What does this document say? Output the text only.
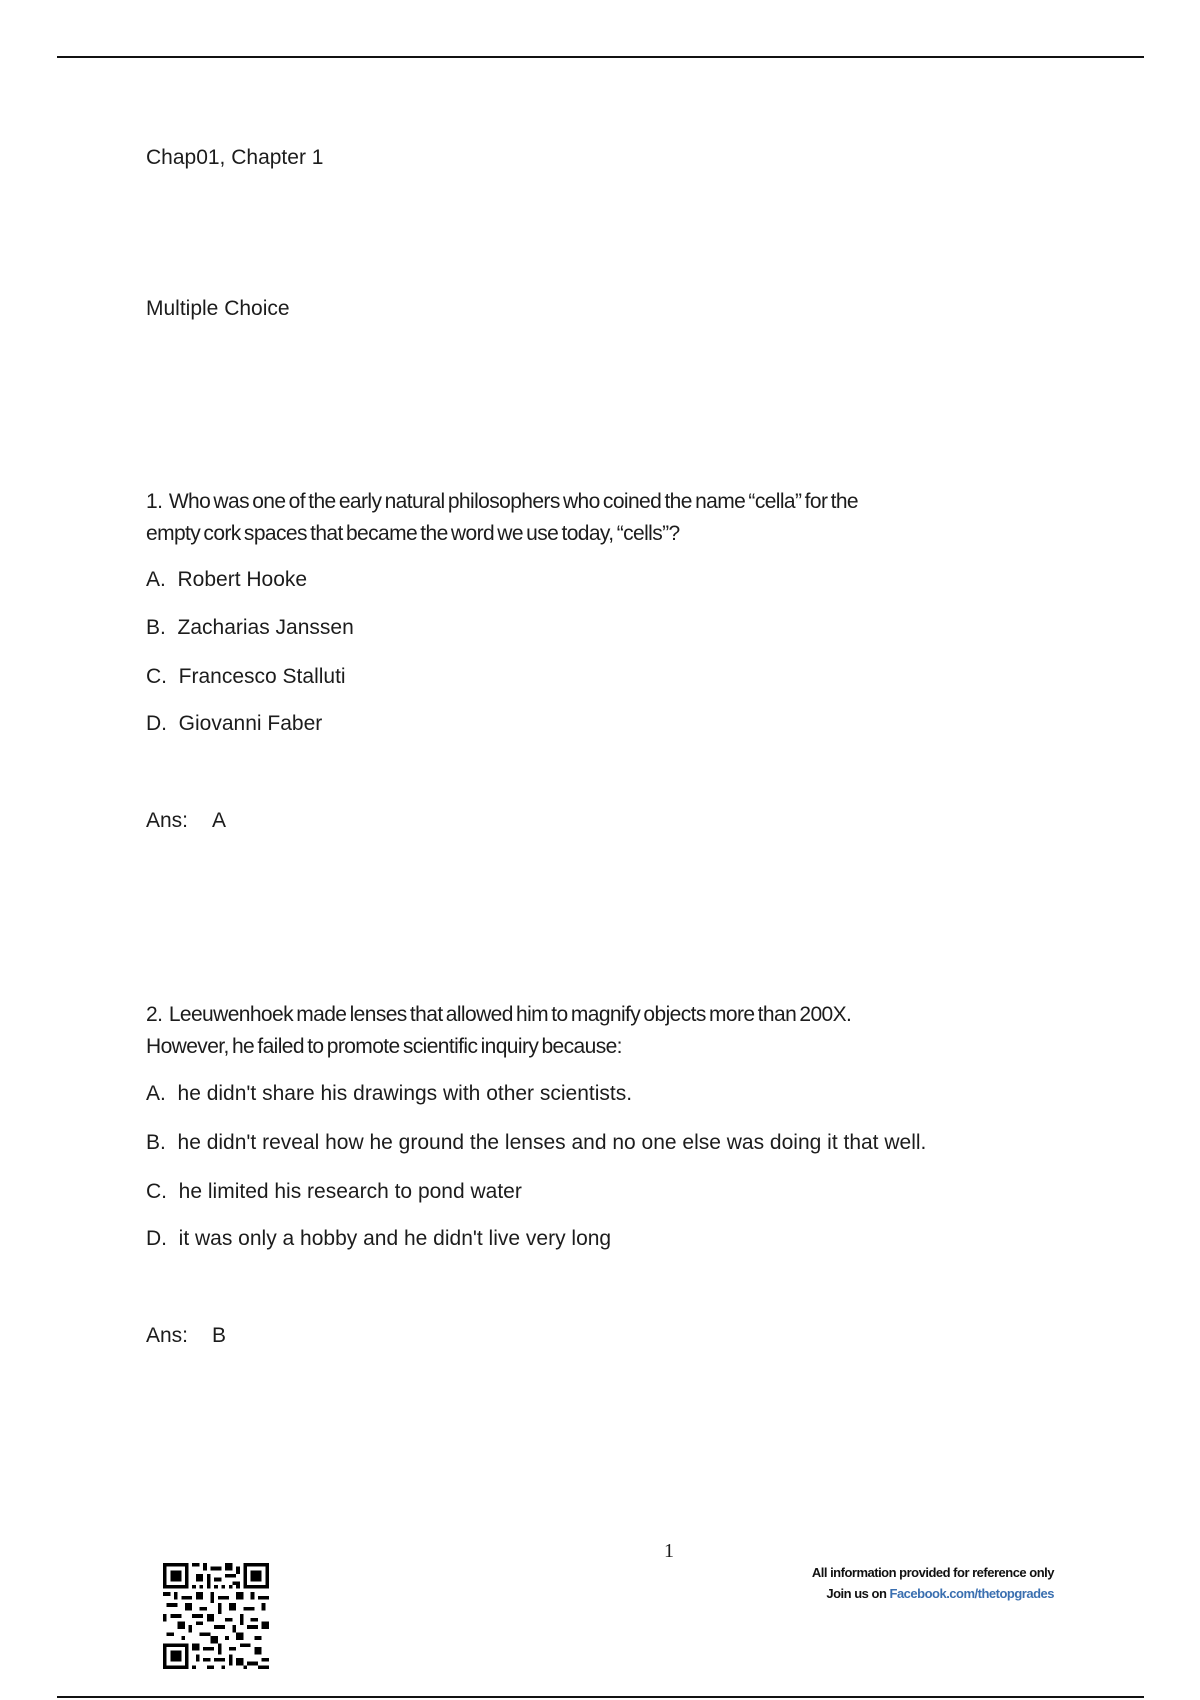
Chap01, Chapter 1
Multiple Choice
1. Who was one of the early natural philosophers who coined the name “cella” for the
empty cork spaces that became the word we use today, “cells”?
A. Robert Hooke
B. Zacharias Janssen
C. Francesco Stalluti
D. Giovanni Faber
Ans: A
2. Leeuwenhoek made lenses that allowed him to magnify objects more than 200X.
However, he failed to promote scientific inquiry because:
A. he didn't share his drawings with other scientists.
B. he didn't reveal how he ground the lenses and no one else was doing it that well.
C. he limited his research to pond water
D. it was only a hobby and he didn't live very long
Ans: B
1
All information provided for reference only
Join us on Facebook.com/thetopgrades
